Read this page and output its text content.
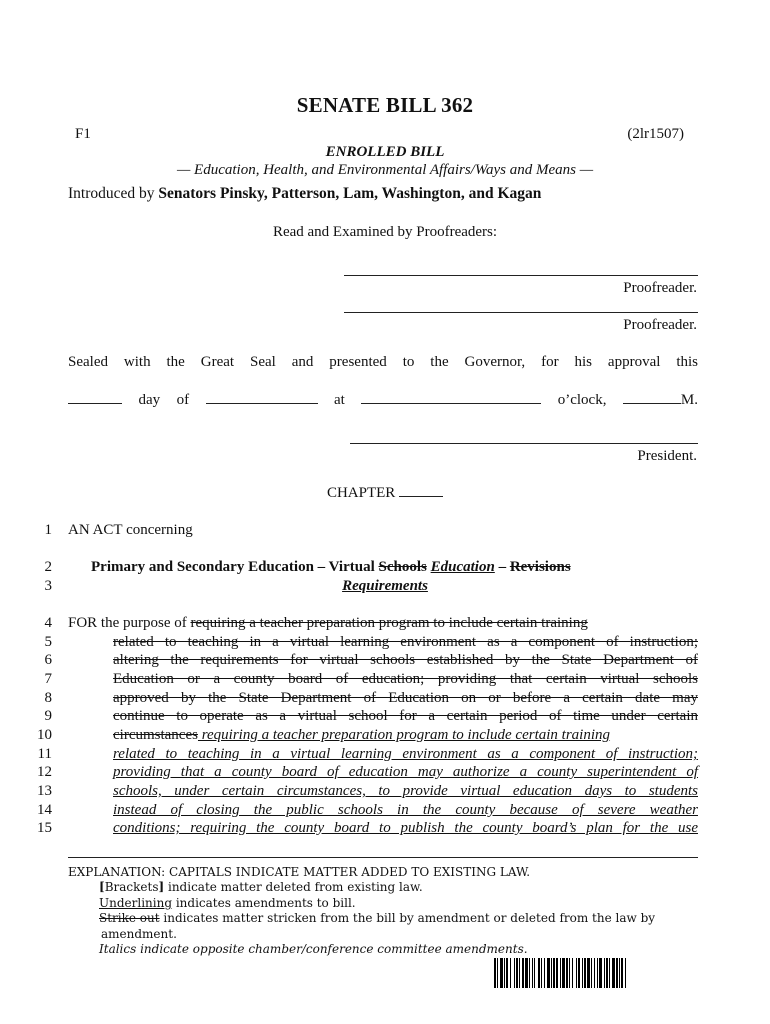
SENATE BILL 362
F1	(2lr1507)
ENROLLED BILL
— Education, Health, and Environmental Affairs/Ways and Means —
Introduced by Senators Pinsky, Patterson, Lam, Washington, and Kagan
Read and Examined by Proofreaders:
Proofreader.
Proofreader.
Sealed with the Great Seal and presented to the Governor, for his approval this
day of	at	o’clock,	M.
President.
CHAPTER
1 AN ACT concerning
2	Primary and Secondary Education – Virtual Schools Education – Revisions
3	Requirements
4 FOR the purpose of requiring a teacher preparation program to include certain training
5	related to teaching in a virtual learning environment as a component of instruction;
6	altering the requirements for virtual schools established by the State Department of
7	Education or a county board of education; providing that certain virtual schools
8	approved by the State Department of Education on or before a certain date may
9	continue to operate as a virtual school for a certain period of time under certain
10	circumstances requiring a teacher preparation program to include certain training
11	related to teaching in a virtual learning environment as a component of instruction;
12	providing that a county board of education may authorize a county superintendent of
13	schools, under certain circumstances, to provide virtual education days to students
14	instead of closing the public schools in the county because of severe weather
15	conditions; requiring the county board to publish the county board’s plan for the use
EXPLANATION: CAPITALS INDICATE MATTER ADDED TO EXISTING LAW.
[Brackets] indicate matter deleted from existing law.
Underlining indicates amendments to bill.
Strike out indicates matter stricken from the bill by amendment or deleted from the law by
amendment.
Italics indicate opposite chamber/conference committee amendments.
